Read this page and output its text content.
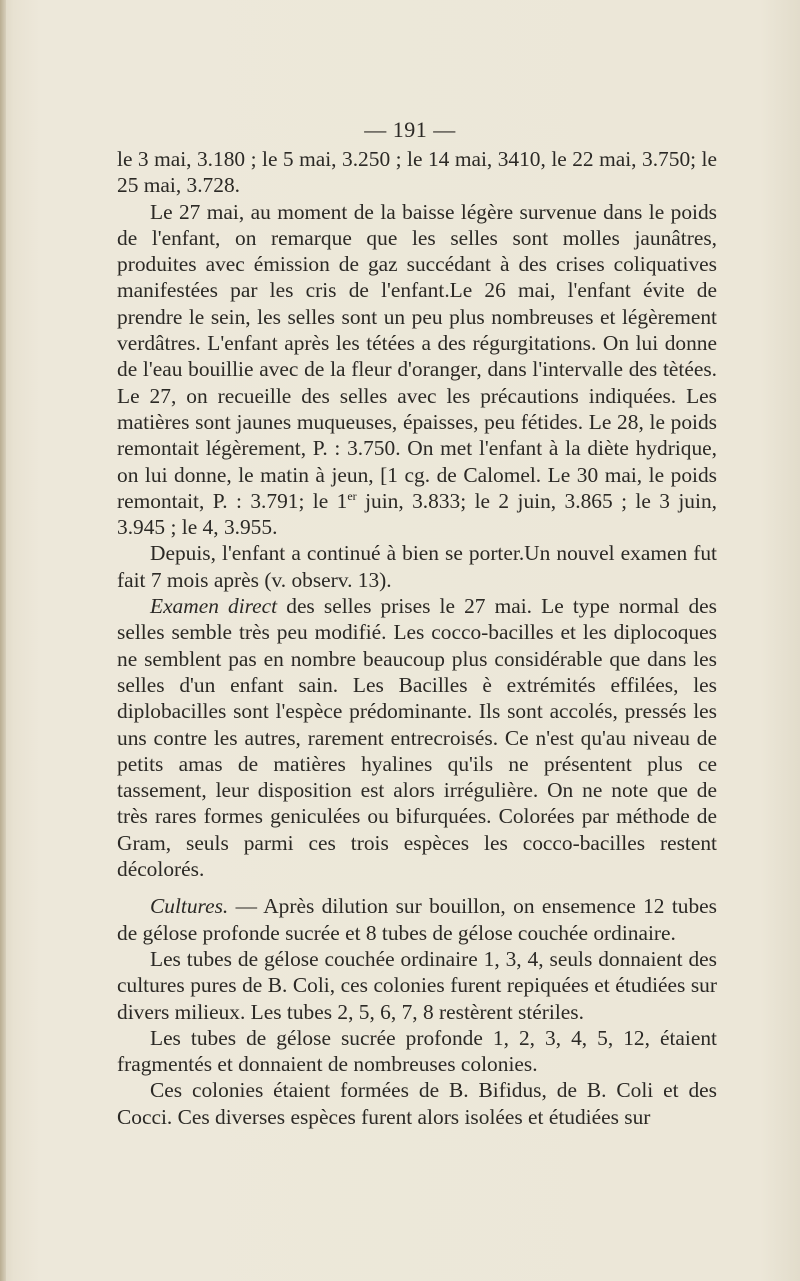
— 191 —

le 3 mai, 3.180 ; le 5 mai, 3.250 ; le 14 mai, 3410, le 22 mai, 3.750; le 25 mai, 3.728.

Le 27 mai, au moment de la baisse légère survenue dans le poids de l'enfant, on remarque que les selles sont molles jaunâtres, produites avec émission de gaz succédant à des crises coliquatives manifestées par les cris de l'enfant.Le 26 mai, l'enfant évite de prendre le sein, les selles sont un peu plus nombreuses et légèrement verdâtres. L'enfant après les tétées a des régurgitations. On lui donne de l'eau bouillie avec de la fleur d'oranger, dans l'intervalle des tètées. Le 27, on recueille des selles avec les précautions indiquées. Les matières sont jaunes muqueuses, épaisses, peu fétides. Le 28, le poids remontait légèrement, P. : 3.750. On met l'enfant à la diète hydrique, on lui donne, le matin à jeun, [1 cg. de Calomel. Le 30 mai, le poids remontait, P. : 3.791; le 1er juin, 3.833; le 2 juin, 3.865 ; le 3 juin, 3.945 ; le 4, 3.955.

Depuis, l'enfant a continué à bien se porter.Un nouvel examen fut fait 7 mois après (v. observ. 13).

Examen direct des selles prises le 27 mai. Le type normal des selles semble très peu modifié. Les cocco-bacilles et les diplocoques ne semblent pas en nombre beaucoup plus considérable que dans les selles d'un enfant sain. Les Bacilles è extrémités effilées, les diplobacilles sont l'espèce prédominante. Ils sont accolés, pressés les uns contre les autres, rarement entrecroisés. Ce n'est qu'au niveau de petits amas de matières hyalines qu'ils ne présentent plus ce tassement, leur disposition est alors irrégulière. On ne note que de très rares formes geniculées ou bifurquées. Colorées par méthode de Gram, seuls parmi ces trois espèces les cocco-bacilles restent décolorés.

Cultures. — Après dilution sur bouillon, on ensemence 12 tubes de gélose profonde sucrée et 8 tubes de gélose couchée ordinaire.

Les tubes de gélose couchée ordinaire 1, 3, 4, seuls donnaient des cultures pures de B. Coli, ces colonies furent repiquées et étudiées sur divers milieux. Les tubes 2, 5, 6, 7, 8 restèrent stériles.

Les tubes de gélose sucrée profonde 1, 2, 3, 4, 5, 12, étaient fragmentés et donnaient de nombreuses colonies.

Ces colonies étaient formées de B. Bifidus, de B. Coli et des Cocci. Ces diverses espèces furent alors isolées et étudiées sur
